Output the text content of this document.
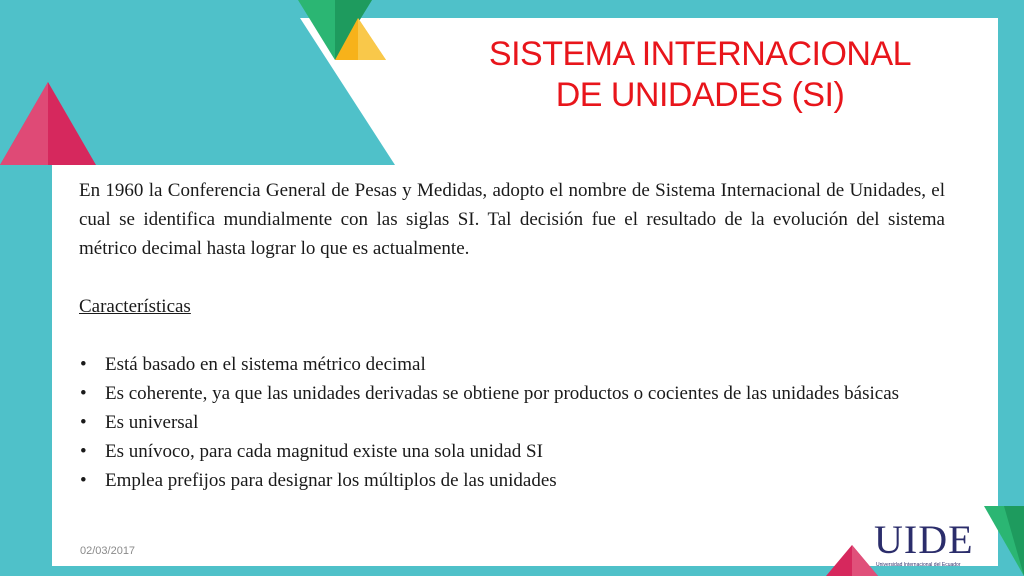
SISTEMA INTERNACIONAL
DE UNIDADES (SI)

En 1960 la Conferencia General de Pesas y Medidas, adopto el nombre de Sistema Internacional de Unidades, el cual se identifica mundialmente con las siglas SI. Tal decisión fue el resultado de la evolución del sistema métrico decimal hasta lograr lo que es actualmente.

Características

• Está basado en el sistema métrico decimal
• Es coherente, ya que las unidades derivadas se obtiene por productos o cocientes de las unidades básicas
• Es universal
• Es unívoco, para cada magnitud existe una sola unidad SI
• Emplea prefijos para designar los múltiplos de las unidades
02/03/2017	UIDE
Universidad Internacional del Ecuador
